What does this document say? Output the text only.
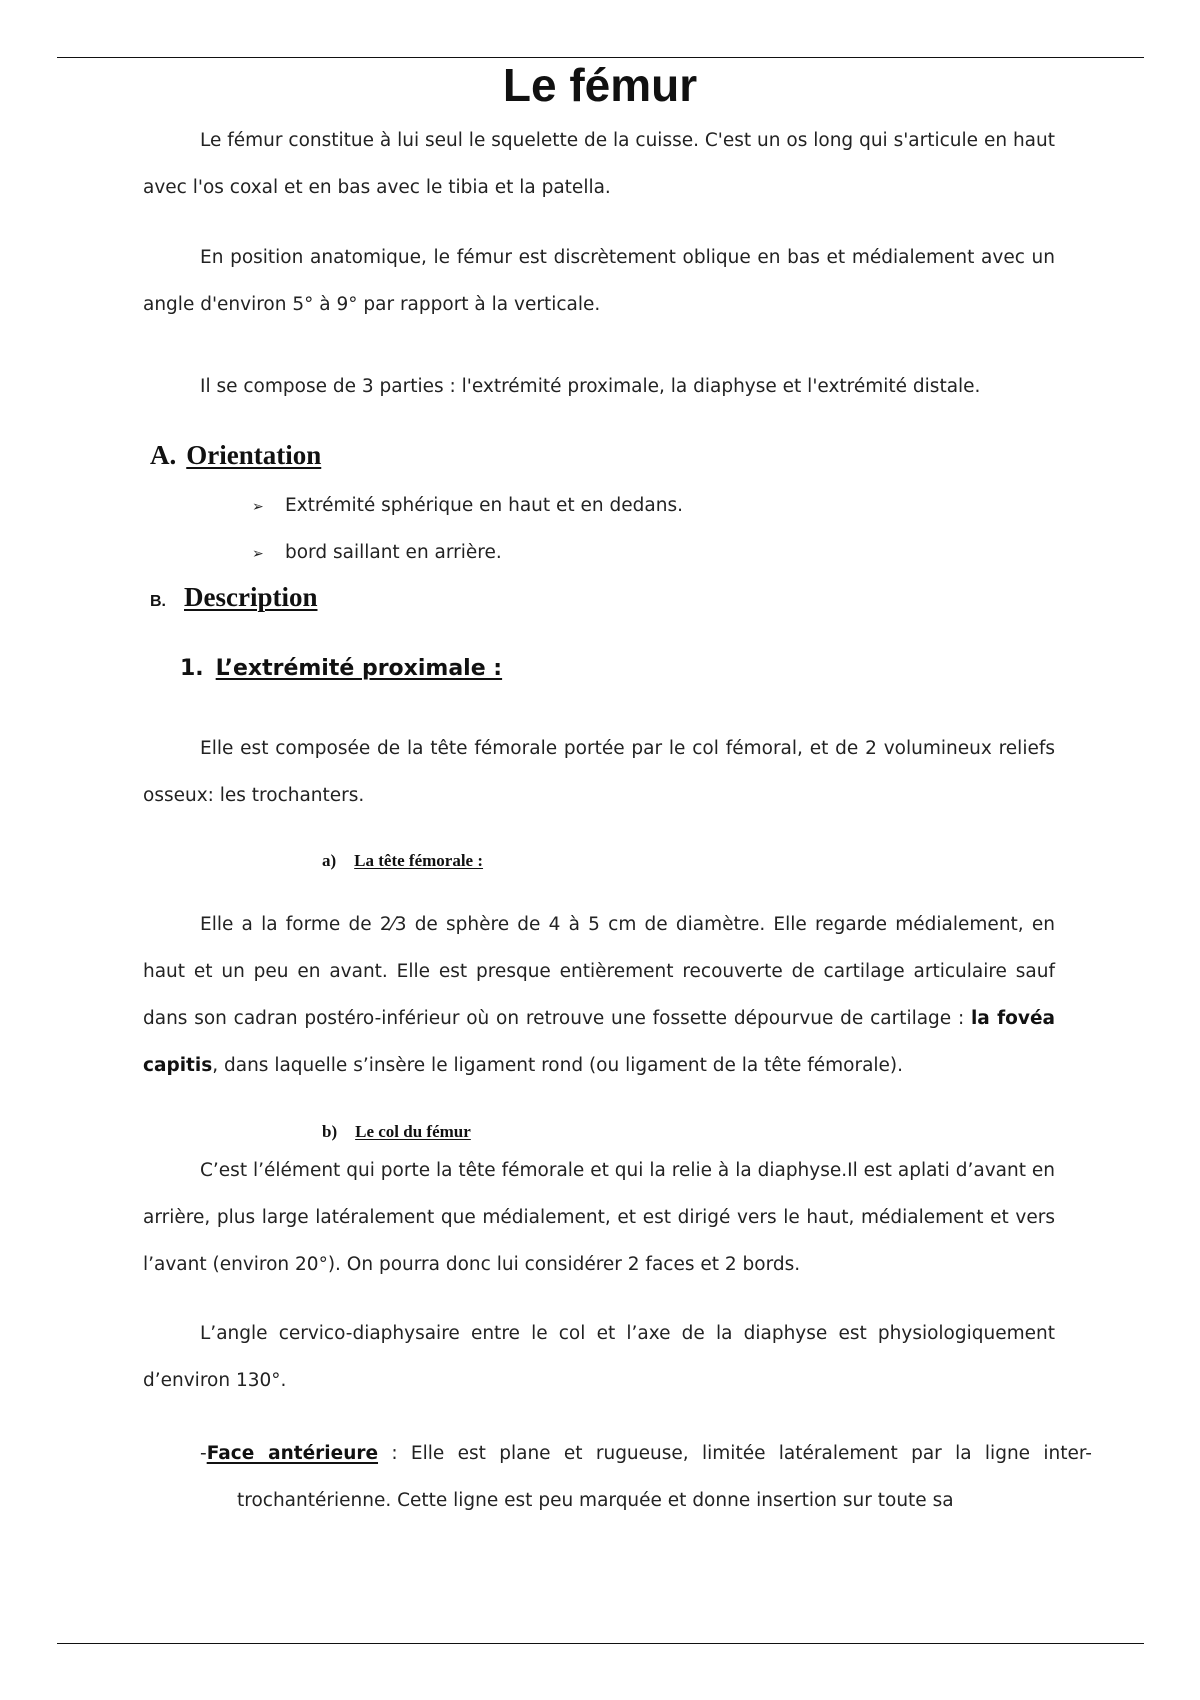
Le fémur

Le fémur constitue à lui seul le squelette de la cuisse. C'est un os long qui s'articule en haut avec l'os coxal et en bas avec le tibia et la patella.

En position anatomique, le fémur est discrètement oblique en bas et médialement avec un angle d'environ 5° à 9° par rapport à la verticale.

Il se compose de 3 parties : l'extrémité proximale, la diaphyse et l'extrémité distale.

A. Orientation
➢ Extrémité sphérique en haut et en dedans.
➢ bord saillant en arrière.
B. Description
1. L’extrémité proximale :

Elle est composée de la tête fémorale portée par le col fémoral, et de 2 volumineux reliefs osseux: les trochanters.

a) La tête fémorale :

Elle a la forme de 2⁄3 de sphère de 4 à 5 cm de diamètre. Elle regarde médialement, en haut et un peu en avant. Elle est presque entièrement recouverte de cartilage articulaire sauf dans son cadran postéro-inférieur où on retrouve une fossette dépourvue de cartilage : la fovéa capitis, dans laquelle s’insère le ligament rond (ou ligament de la tête fémorale).

b) Le col du fémur

C’est l’élément qui porte la tête fémorale et qui la relie à la diaphyse.Il est aplati d’avant en arrière, plus large latéralement que médialement, et est dirigé vers le haut, médialement et vers l’avant (environ 20°). On pourra donc lui considérer 2 faces et 2 bords.

L’angle cervico-diaphysaire entre le col et l’axe de la diaphyse est physiologiquement d’environ 130°.

-Face antérieure : Elle est plane et rugueuse, limitée latéralement par la ligne inter-trochantérienne. Cette ligne est peu marquée et donne insertion sur toute sa
